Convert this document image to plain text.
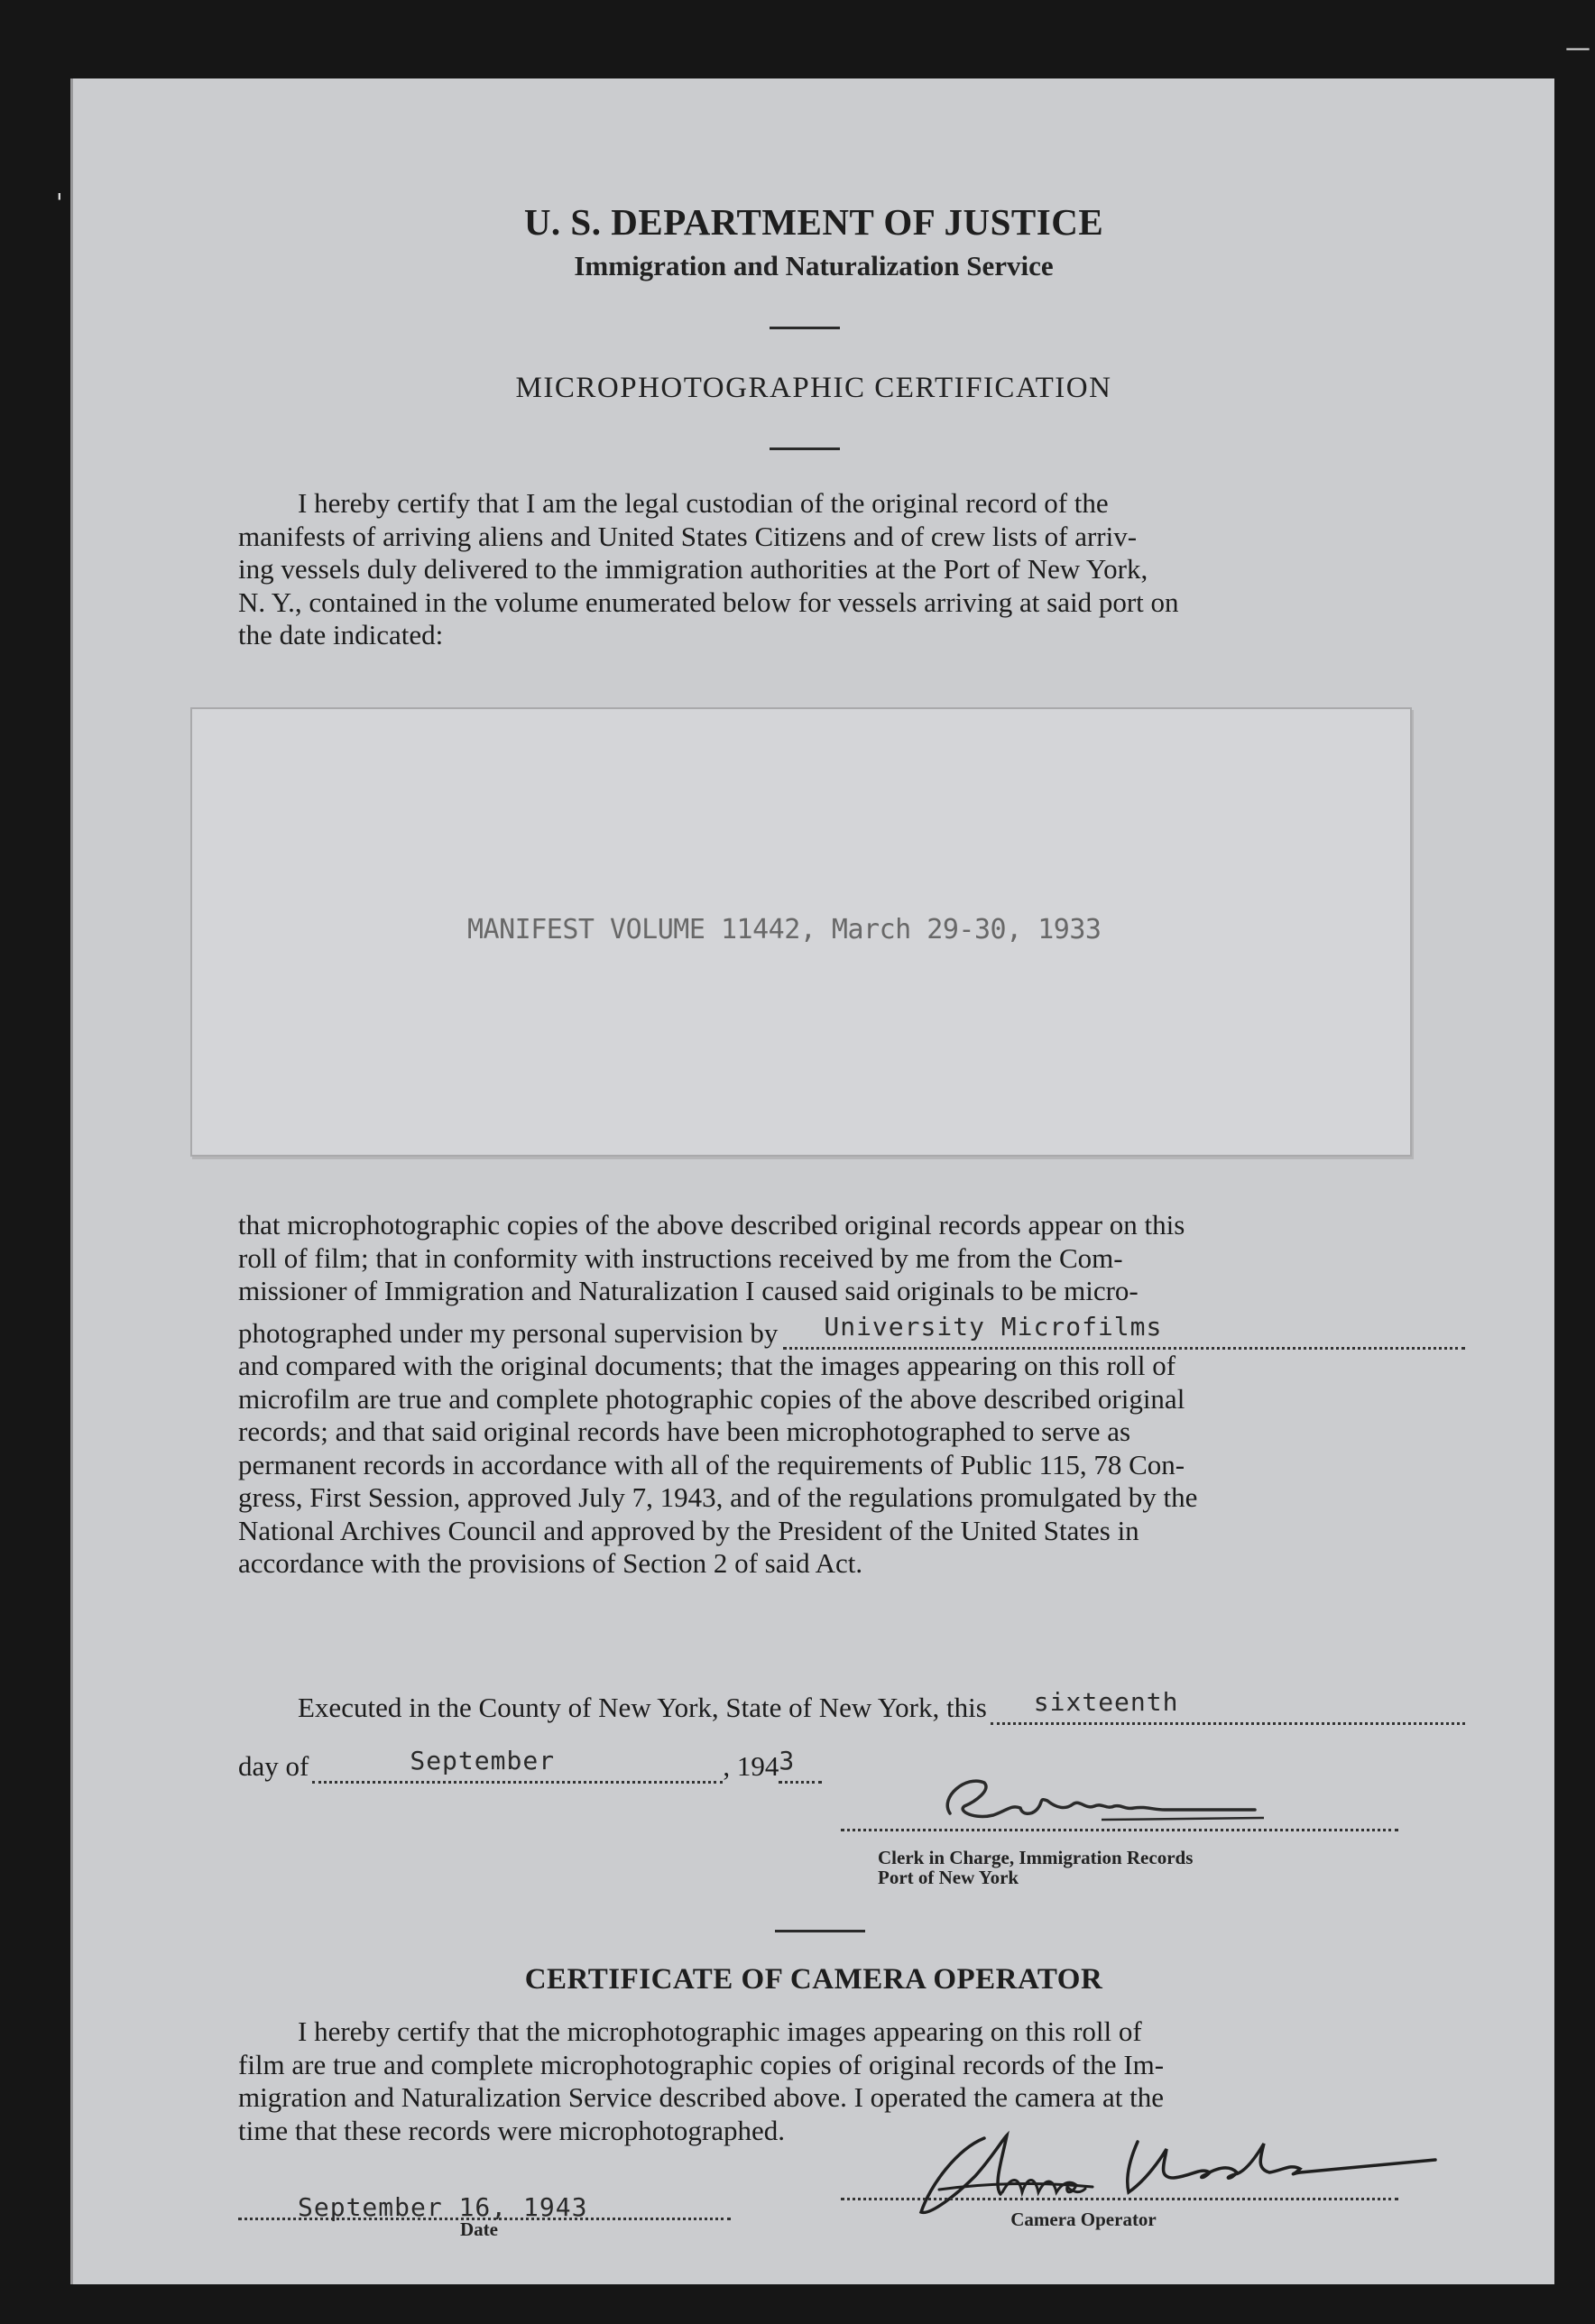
'
—
U. S. DEPARTMENT OF JUSTICE
Immigration and Naturalization Service
MICROPHOTOGRAPHIC CERTIFICATION
I hereby certify that I am the legal custodian of the original record of the
manifests of arriving aliens and United States Citizens and of crew lists of arriv-
ing vessels duly delivered to the immigration authorities at the Port of New York,
N. Y., contained in the volume enumerated below for vessels arriving at said port on
the date indicated:
MANIFEST VOLUME 11442, March 29-30, 1933
that microphotographic copies of the above described original records appear on this
roll of film; that in conformity with instructions received by me from the Com-
missioner of Immigration and Naturalization I caused said originals to be micro-
photographed under my personal supervision by University Microfilms
and compared with the original documents; that the images appearing on this roll of
microfilm are true and complete photographic copies of the above described original
records; and that said original records have been microphotographed to serve as
permanent records in accordance with all of the requirements of Public 115, 78 Con-
gress, First Session, approved July 7, 1943, and of the regulations promulgated by the
National Archives Council and approved by the President of the United States in
accordance with the provisions of Section 2 of said Act.
Executed in the County of New York, State of New York, this sixteenth
day of	September	, 194 3
Clerk in Charge, Immigration Records
Port of New York
CERTIFICATE OF CAMERA OPERATOR
I hereby certify that the microphotographic images appearing on this roll of
film are true and complete microphotographic copies of original records of the Im-
migration and Naturalization Service described above. I operated the camera at the
time that these records were microphotographed.
September 16, 1943
Date	Camera Operator
